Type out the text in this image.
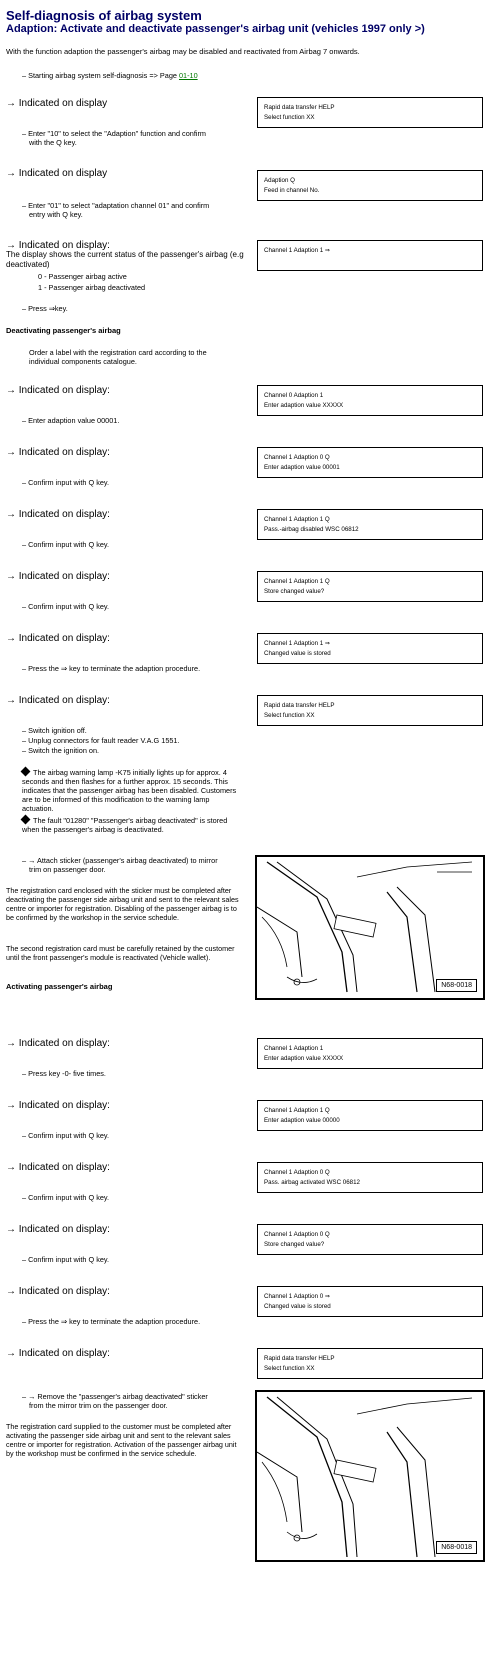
Self-diagnosis of airbag system
Adaption: Activate and deactivate passenger's airbag unit (vehicles 1997 only >)
With the function adaption the passenger's airbag may be disabled and reactivated from Airbag 7 onwards.
– Starting airbag system self-diagnosis => Page 01-10
→ Indicated on display	Rapid data transfer HELP
Select function XX
– Enter "10" to select the "Adaption" function and confirm
with the Q key.
→ Indicated on display
Adaption Q
Feed in channel No.
– Enter "01" to select "adaptation channel 01" and confirm
entry with Q key.
→ Indicated on display:
The display shows the current status of the passenger's airbag (e.g deactivated)
0 - Passenger airbag active
1 - Passenger airbag deactivated
Channel 1 Adaption 1 ⇒
– Press ⇒key.
Deactivating passenger's airbag
Order a label with the registration card according to the
individual components catalogue.
→ Indicated on display:	Channel 0 Adaption 1
Enter adaption value XXXXX
– Enter adaption value 00001.
→ Indicated on display:	Channel 1 Adaption 0 Q
Enter adaption value 00001
– Confirm input with Q key.
→ Indicated on display:	Channel 1 Adaption 1 Q
Pass.-airbag disabled WSC 06812
– Confirm input with Q key.
→ Indicated on display:	Channel 1 Adaption 1 Q
Store changed value?
– Confirm input with Q key.
→ Indicated on display:	Channel 1 Adaption 1 ⇒
Changed value is stored
– Press the ⇒ key to terminate the adaption procedure.
→ Indicated on display:	Rapid data transfer HELP
Select function XX
– Switch ignition off.
– Unplug connectors for fault reader V.A.G 1551.
– Switch the ignition on.
The airbag warning lamp -K75 initially lights up for approx. 4 seconds and then flashes for a further approx. 15 seconds. This indicates that the passenger airbag has been disabled. Customers are to be informed of this modification to the warning lamp actuation.
The fault "01280" "Passenger's airbag deactivated" is stored when the passenger's airbag is deactivated.
– → Attach sticker (passenger's airbag deactivated) to mirror
trim on passenger door.
The registration card enclosed with the sticker must be completed after deactivating the passenger side airbag unit and sent to the relevant sales centre or importer for registration. Disabling of the passenger airbag is to be confirmed by the workshop in the service schedule.
The second registration card must be carefully retained by the customer until the front passenger's module is reactivated (Vehicle wallet).
Activating passenger's airbag	N68-0018
→ Indicated on display:	Channel 1 Adaption 1
Enter adaption value XXXXX
– Press key -0- five times.
→ Indicated on display:	Channel 1 Adaption 1 Q
Enter adaption value 00000
– Confirm input with Q key.
→ Indicated on display:	Channel 1 Adaption 0 Q
Pass. airbag activated WSC 06812
– Confirm input with Q key.
→ Indicated on display:	Channel 1 Adaption 0 Q
Store changed value?
– Confirm input with Q key.
→ Indicated on display:	Channel 1 Adaption 0 ⇒
Changed value is stored
– Press the ⇒ key to terminate the adaption procedure.
→ Indicated on display:	Rapid data transfer HELP
Select function XX
– → Remove the "passenger's airbag deactivated" sticker
from the mirror trim on the passenger door.
The registration card supplied to the customer must be completed after activating the passenger side airbag unit and sent to the relevant sales centre or importer for registration. Activation of the passenger airbag unit by the workshop must be confirmed in the service schedule.
N68-0018
